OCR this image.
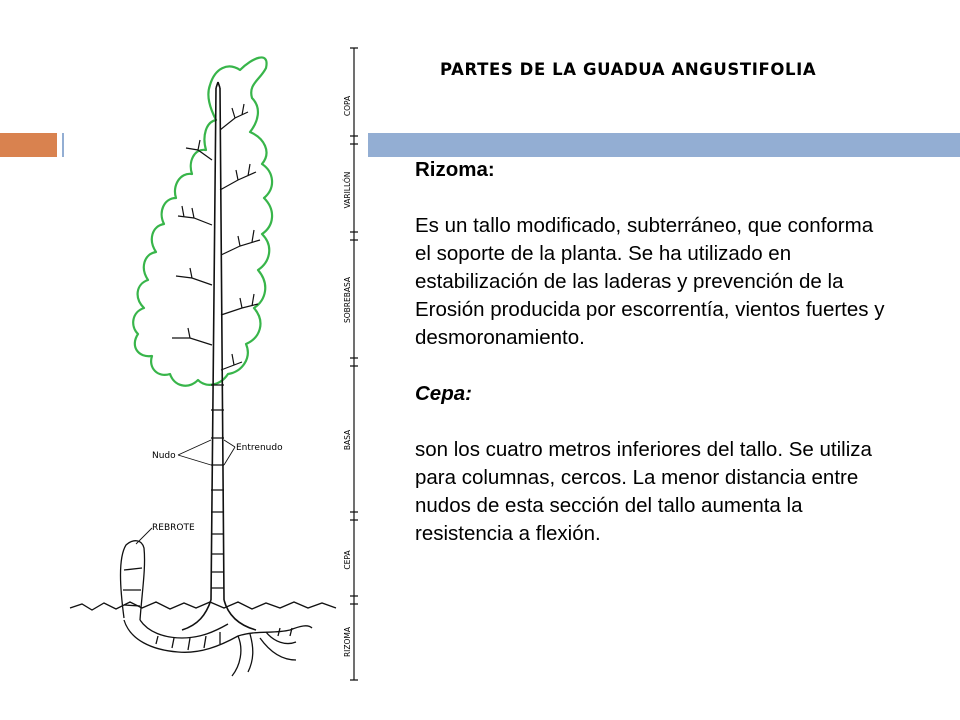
PARTES DE LA GUADUA ANGUSTIFOLIA

Rizoma:

Es un tallo modificado, subterráneo, que conforma el soporte de la planta. Se ha utilizado en estabilización de las laderas y prevención de la Erosión producida por escorrentía, vientos fuertes y desmoronamiento.

Cepa:

son los cuatro metros inferiores del tallo. Se utiliza para columnas, cercos. La menor distancia entre nudos de esta sección del tallo aumenta la resistencia a flexión.

Nudo
Entrenudo
REBROTE
COPA
VARILLÓN
SOBREBASA
BASA
CEPA
RIZOMA
